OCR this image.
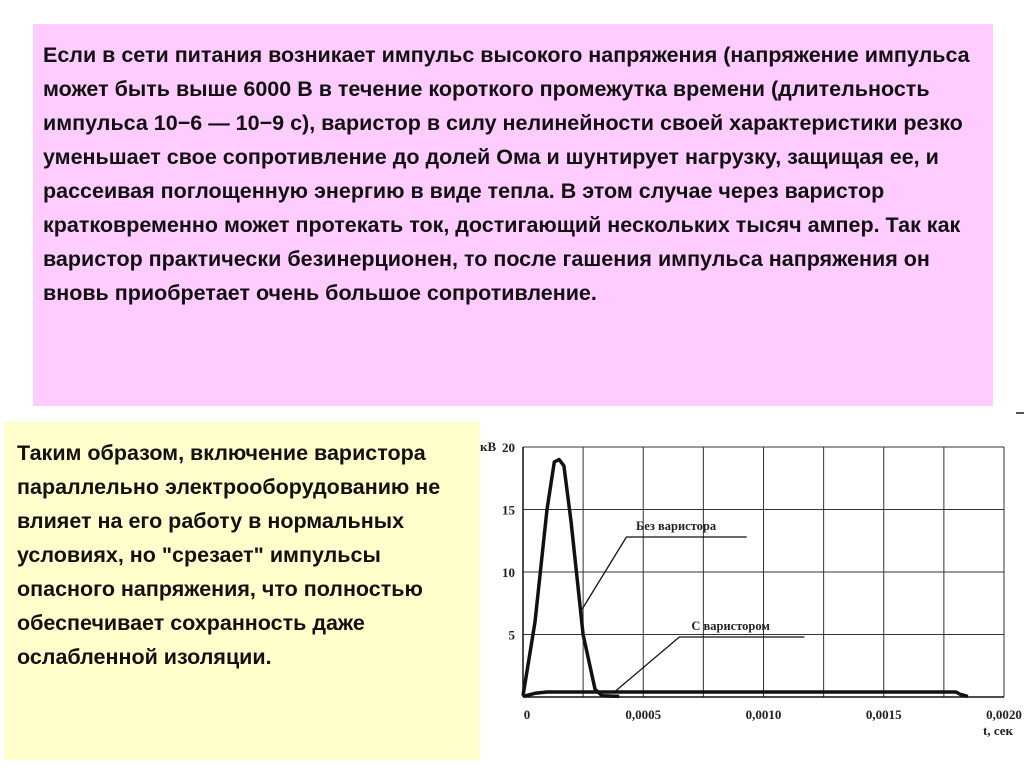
Если в сети питания возникает импульс высокого напряжения (напряжение импульса может быть выше 6000 В в течение короткого промежутка времени (длительность импульса 10−6 — 10−9 с), варистор в силу нелинейности своей характеристики резко уменьшает свое сопротивление до долей Ома и шунтирует нагрузку, защищая ее, и рассеивая поглощенную энергию в виде тепла. В этом случае через варистор кратковременно может протекать ток, достигающий нескольких тысяч ампер. Так как варистор практически безинерционен, то после гашения импульса напряжения он вновь приобретает очень большое сопротивление.

Таким образом, включение варистора параллельно электрооборудованию не влияет на его работу в нормальных условиях, но "срезает" импульсы опасного напряжения, что полностью обеспечивает сохранность даже ослабленной изоляции.

5
10
15
20
0	0,0005	0,0010	0,0015	0,0020
кВ
t, сек
Без варистора
С варистором
